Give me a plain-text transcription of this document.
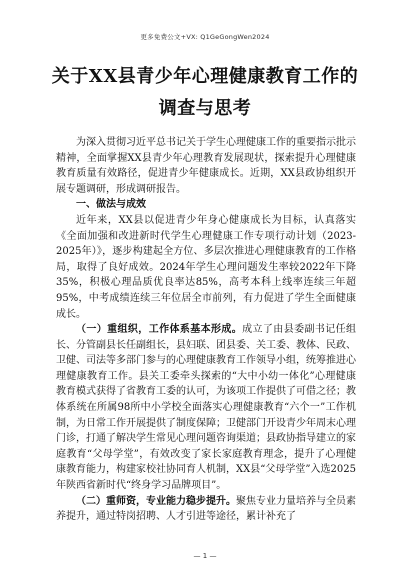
更多免费公文+VX: Q1GeGongWen2024
关于XX县青少年心理健康教育工作的
调查与思考

为深入贯彻习近平总书记关于学生心理健康工作的重要指示批示精神，全面掌握XX县青少年心理教育发展现状，探索提升心理健康教育质量有效路径，促进青少年健康成长。近期，XX县政协组织开展专题调研，形成调研报告。

一、做法与成效

近年来，XX县以促进青少年身心健康成长为目标，认真落实《全面加强和改进新时代学生心理健康工作专项行动计划（2023-2025年）》，逐步构建起全方位、多层次推进心理健康教育的工作格局，取得了良好成效。2024年学生心理问题发生率较2022年下降35%，积极心理品质优良率达85%，高考本科上线率连续三年超95%，中考成绩连续三年位居全市前列，有力促进了学生全面健康成长。

（一）重组织，工作体系基本形成。成立了由县委副书记任组长、分管副县长任副组长，县妇联、团县委、关工委、教体、民政、卫健、司法等多部门参与的心理健康教育工作领导小组，统筹推进心理健康教育工作。县关工委牵头探索的“大中小幼一体化”心理健康教育模式获得了省教育工委的认可，为该项工作提供了可借之径；教体系统在所属98所中小学校全面落实心理健康教育“六个一”工作机制，为日常工作开展提供了制度保障；卫健部门开设青少年周末心理门诊，打通了解决学生常见心理问题咨询渠道；县政协指导建立的家庭教育“父母学堂”，有效改变了家长家庭教育理念，提升了心理健康教育能力，构建家校社协同育人机制，XX县“父母学堂”入选2025年陕西省新时代“终身学习品牌项目”。

（二）重师资，专业能力稳步提升。聚焦专业力量培养与全员素养提升，通过特岗招聘、人才引进等途径，累计补充了

— 1 —
